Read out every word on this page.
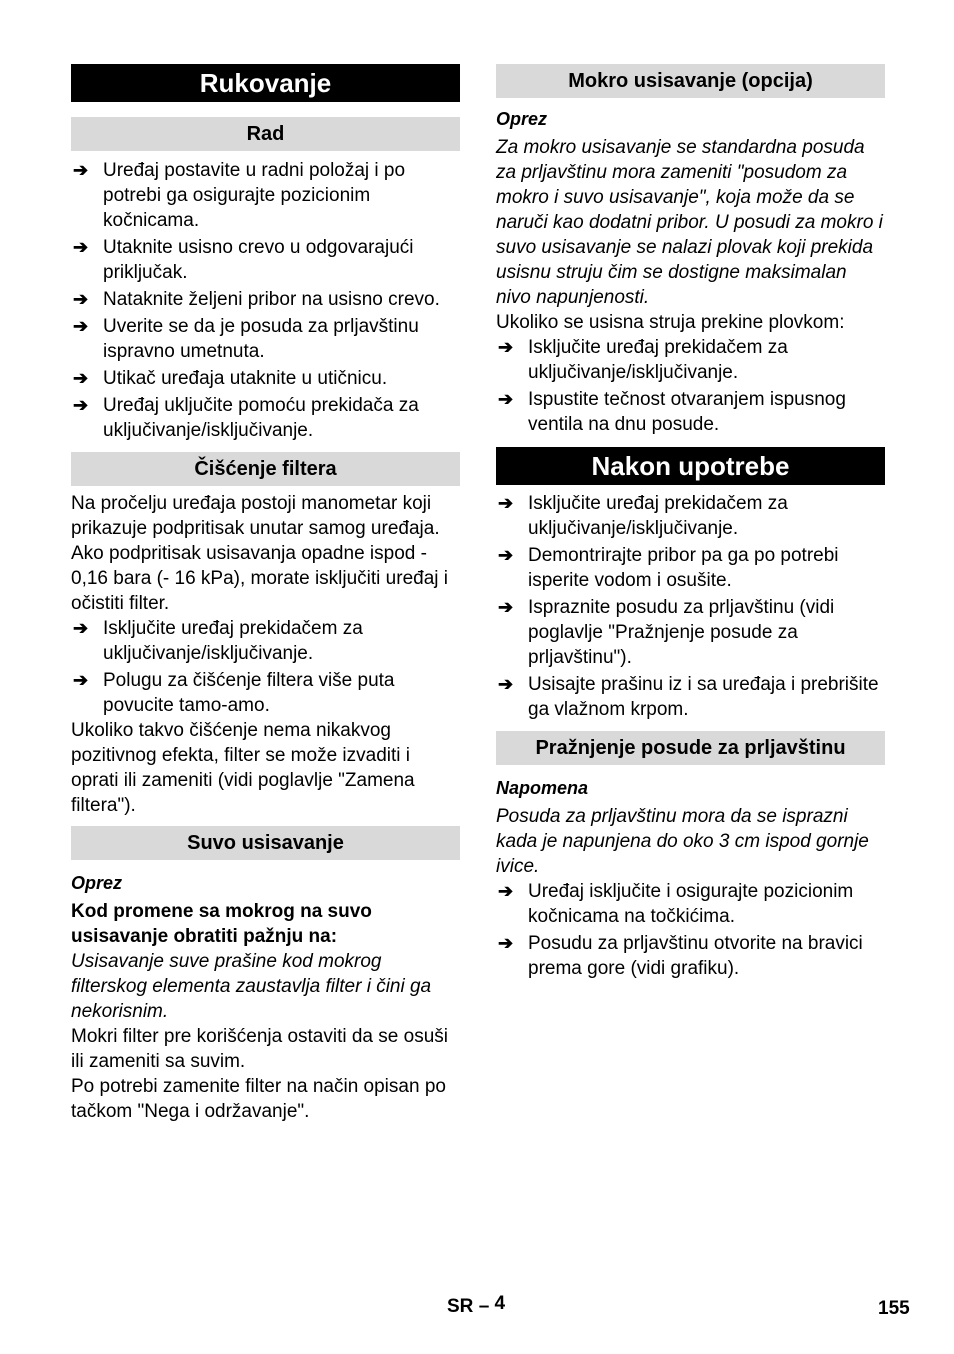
Rukovanje
Rad
➔ Uređaj postavite u radni položaj i po potrebi ga osigurajte pozicionim kočnicama.
➔ Utaknite usisno crevo u odgovarajući priključak.
➔ Nataknite željeni pribor na usisno crevo.
➔ Uverite se da je posuda za prljavštinu ispravno umetnuta.
➔ Utikač uređaja utaknite u utičnicu.
➔ Uređaj uključite pomoću prekidača za uključivanje/isključivanje.
Čišćenje filtera
Na pročelju uređaja postoji manometar koji prikazuje podpritisak unutar samog uređaja. Ako podpritisak usisavanja opadne ispod - 0,16 bara (- 16 kPa), morate isključiti uređaj i očistiti filter.
➔ Isključite uređaj prekidačem za uključivanje/isključivanje.
➔ Polugu za čišćenje filtera više puta povucite tamo-amo.
Ukoliko takvo čišćenje nema nikakvog pozitivnog efekta, filter se može izvaditi i oprati ili zameniti (vidi poglavlje "Zamena filtera").
Suvo usisavanje
Oprez
Kod promene sa mokrog na suvo usisavanje obratiti pažnju na:
Usisavanje suve prašine kod mokrog filterskog elementa zaustavlja filter i čini ga nekorisnim.
Mokri filter pre korišćenja ostaviti da se osuši ili zameniti sa suvim.
Po potrebi zamenite filter na način opisan po tačkom "Nega i održavanje".
Mokro usisavanje (opcija)
Oprez
Za mokro usisavanje se standardna posuda za prljavštinu mora zameniti "posudom za mokro i suvo usisavanje", koja može da se naruči kao dodatni pribor. U posudi za mokro i suvo usisavanje se nalazi plovak koji prekida usisnu struju čim se dostigne maksimalan nivo napunjenosti.
Ukoliko se usisna struja prekine plovkom:
➔ Isključite uređaj prekidačem za uključivanje/isključivanje.
➔ Ispustite tečnost otvaranjem ispusnog ventila na dnu posude.
Nakon upotrebe
➔ Isključite uređaj prekidačem za uključivanje/isključivanje.
➔ Demontrirajte pribor pa ga po potrebi isperite vodom i osušite.
➔ Ispraznite posudu za prljavštinu (vidi poglavlje "Pražnjenje posude za prljavštinu").
➔ Usisajte prašinu iz i sa uređaja i prebrišite ga vlažnom krpom.
Pražnjenje posude za prljavštinu
Napomena
Posuda za prljavštinu mora da se isprazni kada je napunjena do oko 3 cm ispod gornje ivice.
➔ Uređaj isključite i osigurajte pozicionim kočnicama na točkićima.
➔ Posudu za prljavštinu otvorite na bravici prema gore (vidi grafiku).
SR – 4	155
